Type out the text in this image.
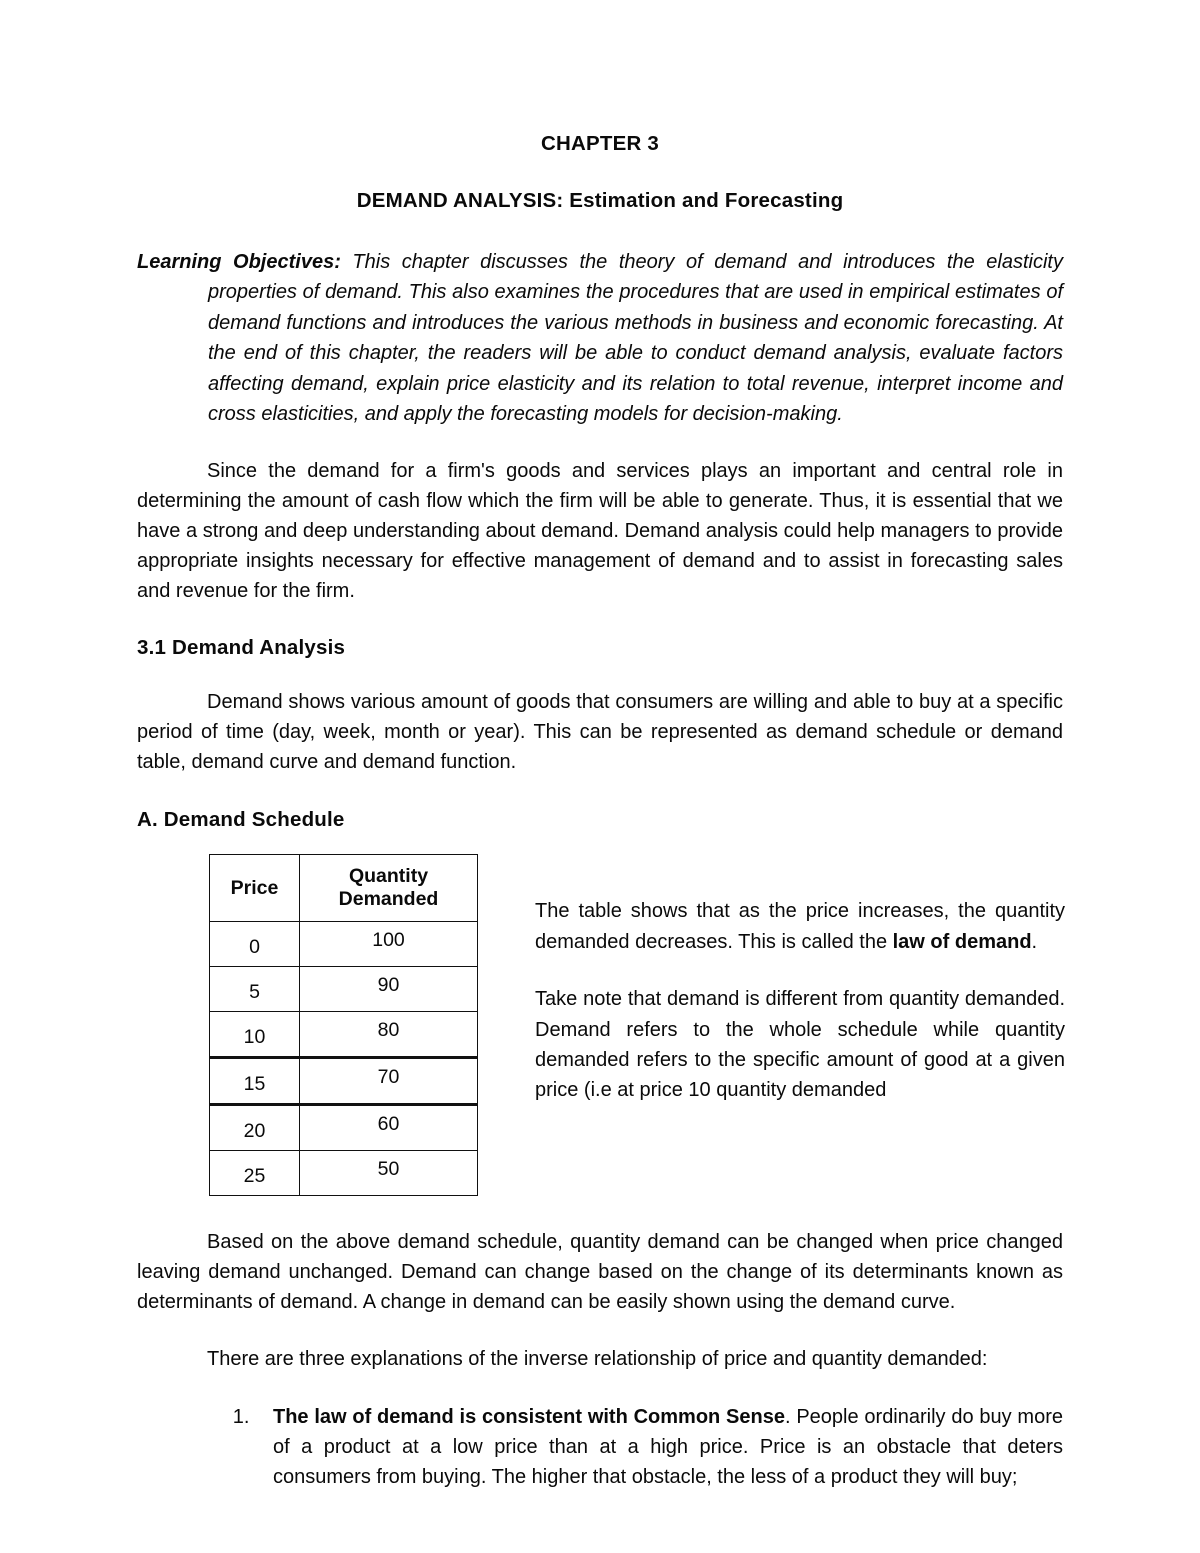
CHAPTER 3
DEMAND ANALYSIS: Estimation and Forecasting
Learning Objectives: This chapter discusses the theory of demand and introduces the elasticity properties of demand. This also examines the procedures that are used in empirical estimates of demand functions and introduces the various methods in business and economic forecasting. At the end of this chapter, the readers will be able to conduct demand analysis, evaluate factors affecting demand, explain price elasticity and its relation to total revenue, interpret income and cross elasticities, and apply the forecasting models for decision-making.

Since the demand for a firm's goods and services plays an important and central role in determining the amount of cash flow which the firm will be able to generate. Thus, it is essential that we have a strong and deep understanding about demand. Demand analysis could help managers to provide appropriate insights necessary for effective management of demand and to assist in forecasting sales and revenue for the firm.

3.1 Demand Analysis

Demand shows various amount of goods that consumers are willing and able to buy at a specific period of time (day, week, month or year). This can be represented as demand schedule or demand table, demand curve and demand function.

A. Demand Schedule
Price	Quantity Demanded
0	100
5	90
10	80
15	70
20	60
25	50

The table shows that as the price increases, the quantity demanded decreases. This is called the law of demand.

Take note that demand is different from quantity demanded. Demand refers to the whole schedule while quantity demanded refers to the specific amount of good at a given price (i.e at price 10 quantity demanded

Based on the above demand schedule, quantity demand can be changed when price changed leaving demand unchanged. Demand can change based on the change of its determinants known as determinants of demand. A change in demand can be easily shown using the demand curve.

There are three explanations of the inverse relationship of price and quantity demanded:

1. The law of demand is consistent with Common Sense. People ordinarily do buy more of a product at a low price than at a high price. Price is an obstacle that deters consumers from buying. The higher that obstacle, the less of a product they will buy;
